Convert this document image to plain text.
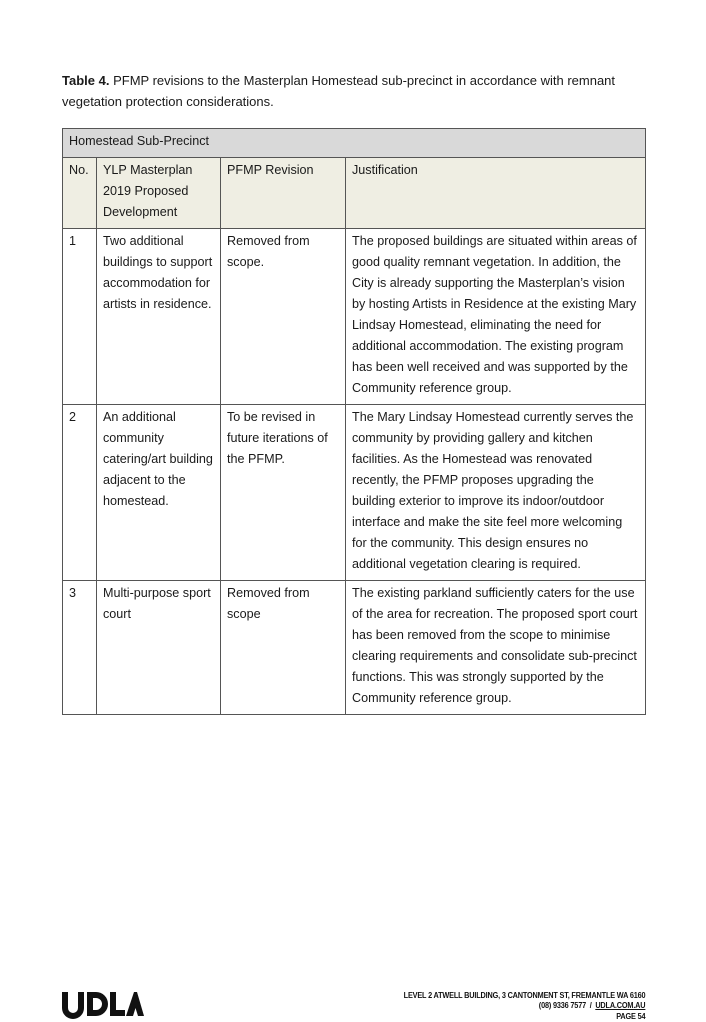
Table 4. PFMP revisions to the Masterplan Homestead sub-precinct in accordance with remnant vegetation protection considerations.
Homestead Sub-Precinct			
No.	YLP Masterplan 2019 Proposed Development	PFMP Revision	Justification
1	Two additional buildings to support accommodation for artists in residence.	Removed from scope.	The proposed buildings are situated within areas of good quality remnant vegetation. In addition, the City is already supporting the Masterplan’s vision by hosting Artists in Residence at the existing Mary Lindsay Homestead, eliminating the need for additional accommodation. The existing program has been well received and was supported by the Community reference group.
2	An additional community catering/art building adjacent to the homestead.	To be revised in future iterations of the PFMP.	The Mary Lindsay Homestead currently serves the community by providing gallery and kitchen facilities. As the Homestead was renovated recently, the PFMP proposes upgrading the building exterior to improve its indoor/outdoor interface and make the site feel more welcoming for the community. This design ensures no additional vegetation clearing is required.
3	Multi-purpose sport court	Removed from scope	The existing parkland sufficiently caters for the use of the area for recreation. The proposed sport court has been removed from the scope to minimise clearing requirements and consolidate sub-precinct functions. This was strongly supported by the Community reference group.
LEVEL 2 ATWELL BUILDING, 3 CANTONMENT ST, FREMANTLE WA 6160
(08) 9336 7577 / UDLA.COM.AU
PAGE 54
